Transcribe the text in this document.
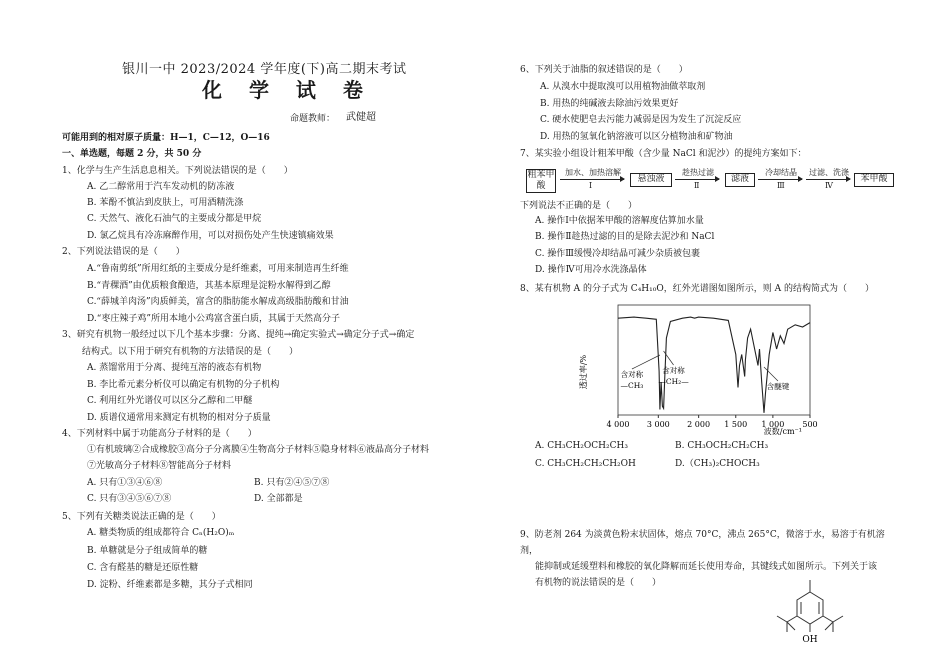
银川一中 2023/2024 学年度(下)高二期末考试
化 学 试 卷
命题教师： 武健超
可能用到的相对原子质量：H—1，C—12，O—16
一、单选题，每题 2 分，共 50 分
1、化学与生产生活息息相关。下列说法错误的是（　　）
A. 乙二醇常用于汽车发动机的防冻液
B. 苯酚不慎沾到皮肤上，可用酒精洗涤
C. 天然气、液化石油气的主要成分都是甲烷
D. 氯乙烷具有冷冻麻醉作用，可以对损伤处产生快速镇痛效果
2、下列说法错误的是（　　）
A.“鲁南剪纸”所用红纸的主要成分是纤维素，可用来制造再生纤维
B.“青稞酒”由优质粮食酿造，其基本原理是淀粉水解得到乙醇
C.“薛城羊肉汤”肉质鲜美，富含的脂肪能水解成高级脂肪酸和甘油
D.“枣庄辣子鸡”所用本地小公鸡富含蛋白质，其属于天然高分子
3、研究有机物一般经过以下几个基本步骤：分离、提纯→确定实验式→确定分子式→确定
结构式。以下用于研究有机物的方法错误的是（　　）
A. 蒸馏常用于分离、提纯互溶的液态有机物
B. 李比希元素分析仪可以确定有机物的分子机构
C. 利用红外光谱仪可以区分乙醇和二甲醚
D. 质谱仪通常用来测定有机物的相对分子质量
4、下列材料中属于功能高分子材料的是（　　）
①有机玻璃②合成橡胶③高分子分离膜④生物高分子材料⑤隐身材料⑥液晶高分子材料
⑦光敏高分子材料⑧智能高分子材料
A. 只有①③④⑥⑧	B. 只有②④⑤⑦⑧
C. 只有③④⑤⑥⑦⑧	D. 全部都是
5、下列有关糖类说法正确的是（　　）
A. 糖类物质的组成都符合 Cₙ(H₂O)ₘ
B. 单糖就是分子组成简单的糖
C. 含有醛基的糖是还原性糖
D. 淀粉、纤维素都是多糖，其分子式相同
6、下列关于油脂的叙述错误的是（　　）
A. 从溴水中提取溴可以用植物油做萃取剂
B. 用热的纯碱液去除油污效果更好
C. 硬水使肥皂去污能力减弱是因为发生了沉淀反应
D. 用热的氢氧化钠溶液可以区分植物油和矿物油
7、某实验小组设计粗苯甲酸（含少量 NaCl 和泥沙）的提纯方案如下：
粗苯甲酸
加水、加热溶解
Ⅰ
悬浊液
趁热过滤
Ⅱ
滤液
冷却结晶
Ⅲ
过滤、洗涤
Ⅳ
苯甲酸
下列说法不正确的是（　　）
A. 操作Ⅰ中依据苯甲酸的溶解度估算加水量
B. 操作Ⅱ趁热过滤的目的是除去泥沙和 NaCl
C. 操作Ⅲ缓慢冷却结晶可减少杂质被包裹
D. 操作Ⅳ可用冷水洗涤晶体
8、某有机物 A 的分子式为 C₄H₁₀O，红外光谱图如图所示，则 A 的结构简式为（　　）
4 000 3 000 2 000 1 500 1 000 500
含对称
—CH₃
含对称
—CH₂—
含醚键
透过率/%
波数/cm⁻¹
A. CH₃CH₂OCH₂CH₃	B. CH₃OCH₂CH₂CH₃
C. CH₃CH₂CH₂CH₂OH	D.（CH₃)₂CHOCH₃
9、防老剂 264 为淡黄色粉末状固体，熔点 70°C，沸点 265°C，微溶于水，易溶于有机溶
剂，
能抑制或延缓塑料和橡胶的氧化降解而延长使用寿命，其键线式如图所示。下列关于该
有机物的说法错误的是（　　）
OH
